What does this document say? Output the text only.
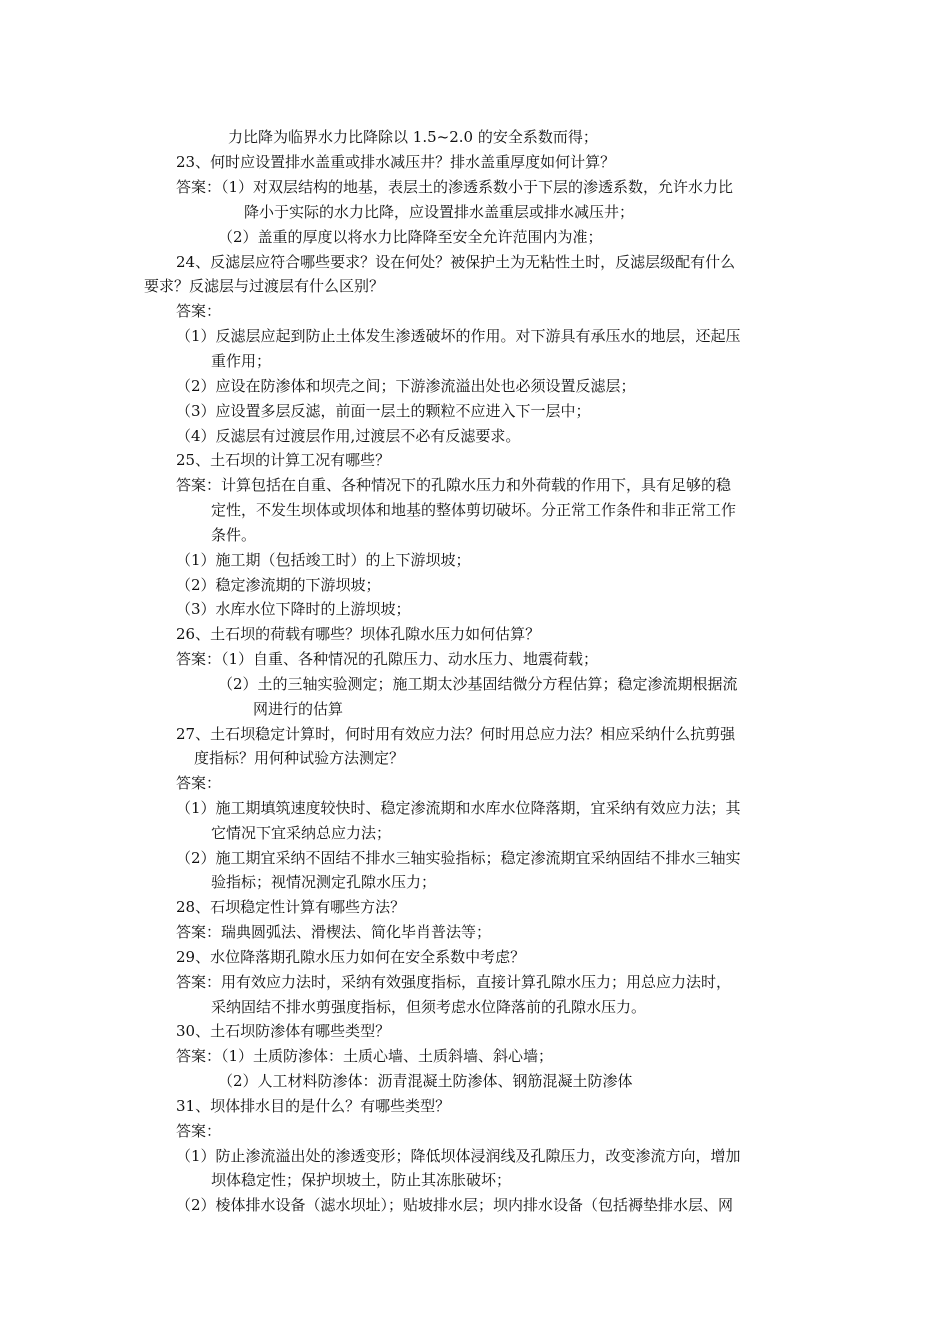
力比降为临界水力比降除以 1.5~2.0 的安全系数而得；
23、何时应设置排水盖重或排水减压井？排水盖重厚度如何计算？
答案：（1）对双层结构的地基，表层土的渗透系数小于下层的渗透系数，允许水力比
降小于实际的水力比降，应设置排水盖重层或排水减压井；
（2）盖重的厚度以将水力比降降至安全允许范围内为准；
24、反滤层应符合哪些要求？设在何处？被保护土为无粘性土时，反滤层级配有什么
要求？反滤层与过渡层有什么区别？
答案：
（1）反滤层应起到防止土体发生渗透破坏的作用。对下游具有承压水的地层，还起压
重作用；
（2）应设在防渗体和坝壳之间；下游渗流溢出处也必须设置反滤层；
（3）应设置多层反滤，前面一层土的颗粒不应进入下一层中；
（4）反滤层有过渡层作用,过渡层不必有反滤要求。
25、土石坝的计算工况有哪些？
答案：计算包括在自重、各种情况下的孔隙水压力和外荷载的作用下，具有足够的稳
定性，不发生坝体或坝体和地基的整体剪切破坏。分正常工作条件和非正常工作
条件。
（1）施工期（包括竣工时）的上下游坝坡；
（2）稳定渗流期的下游坝坡；
（3）水库水位下降时的上游坝坡；
26、土石坝的荷载有哪些？坝体孔隙水压力如何估算？
答案：（1）自重、各种情况的孔隙压力、动水压力、地震荷载；
（2）土的三轴实验测定；施工期太沙基固结微分方程估算；稳定渗流期根据流
网进行的估算
27、土石坝稳定计算时，何时用有效应力法？何时用总应力法？相应采纳什么抗剪强
度指标？用何种试验方法测定？
答案：
（1）施工期填筑速度较快时、稳定渗流期和水库水位降落期，宜采纳有效应力法；其
它情况下宜采纳总应力法；
（2）施工期宜采纳不固结不排水三轴实验指标；稳定渗流期宜采纳固结不排水三轴实
验指标；视情况测定孔隙水压力；
28、石坝稳定性计算有哪些方法？
答案：瑞典圆弧法、滑楔法、简化毕肖普法等；
29、水位降落期孔隙水压力如何在安全系数中考虑？
答案：用有效应力法时，采纳有效强度指标，直接计算孔隙水压力；用总应力法时，
采纳固结不排水剪强度指标，但须考虑水位降落前的孔隙水压力。
30、土石坝防渗体有哪些类型？
答案：（1）土质防渗体：土质心墙、土质斜墙、斜心墙；
（2）人工材料防渗体：沥青混凝土防渗体、钢筋混凝土防渗体
31、坝体排水目的是什么？有哪些类型？
答案：
（1）防止渗流溢出处的渗透变形；降低坝体浸润线及孔隙压力，改变渗流方向，增加
坝体稳定性；保护坝坡土，防止其冻胀破坏；
（2）棱体排水设备（滤水坝址）；贴坡排水层；坝内排水设备（包括褥垫排水层、网
